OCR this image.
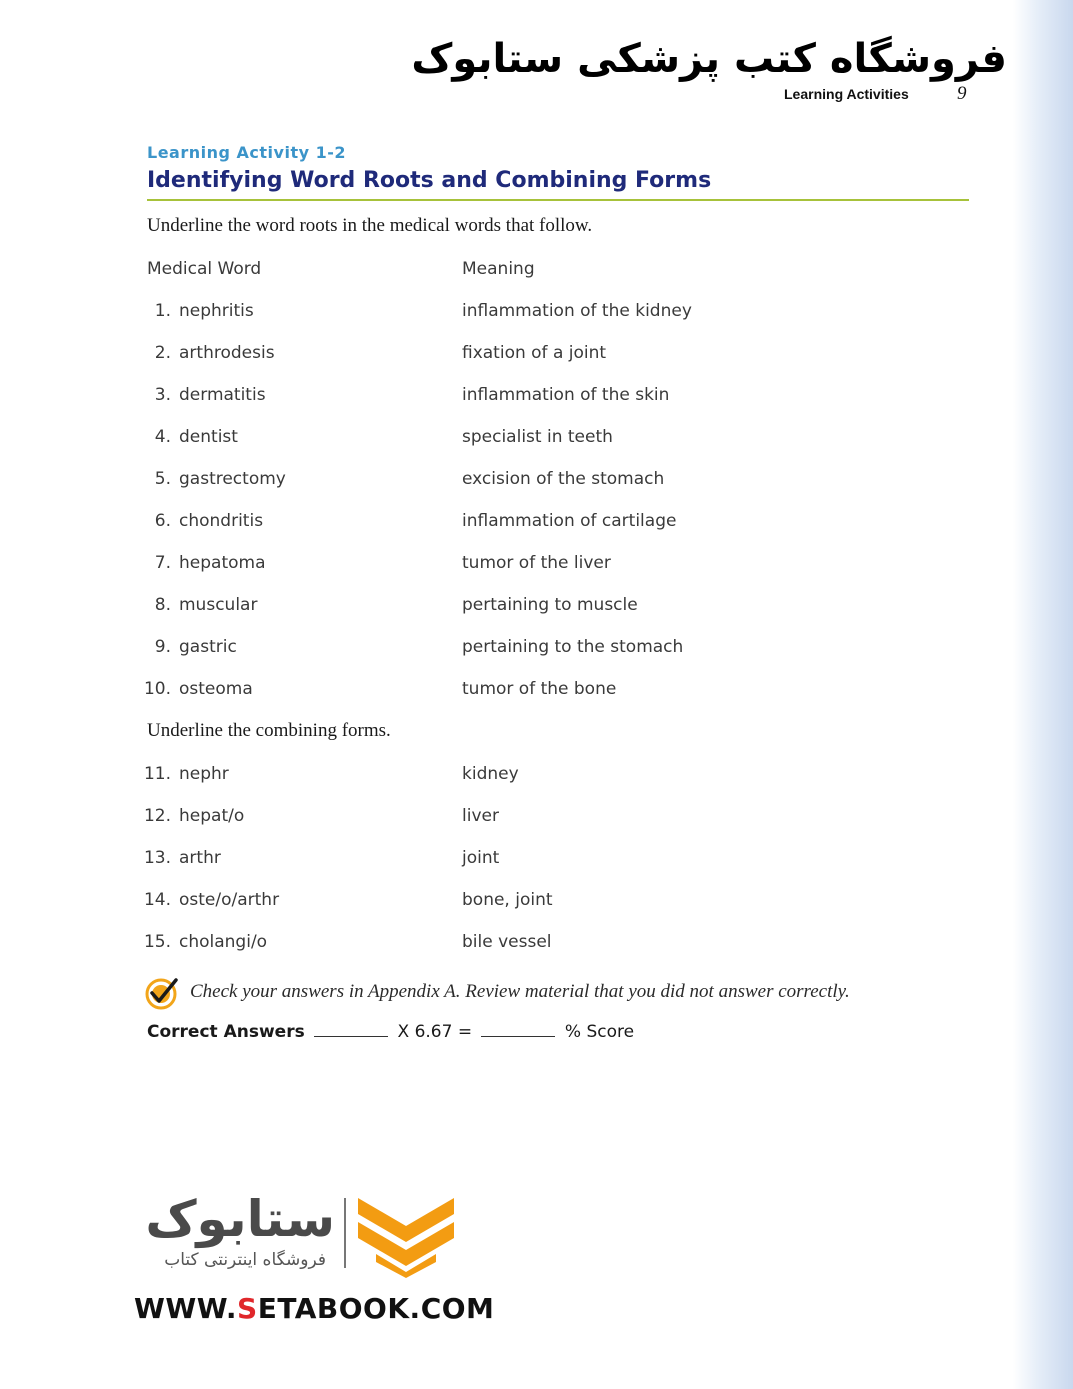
فروشگاه کتب پزشکی ستابوک
Learning Activities	9
Learning Activity 1-2
Identifying Word Roots and Combining Forms
Underline the word roots in the medical words that follow.
Medical Word	Meaning
1. nephritis	inflammation of the kidney
2. arthrodesis	fixation of a joint
3. dermatitis	inflammation of the skin
4. dentist	specialist in teeth
5. gastrectomy	excision of the stomach
6. chondritis	inflammation of cartilage
7. hepatoma	tumor of the liver
8. muscular	pertaining to muscle
9. gastric	pertaining to the stomach
10. osteoma	tumor of the bone
Underline the combining forms.
11. nephr	kidney
12. hepat/o	liver
13. arthr	joint
14. oste/o/arthr	bone, joint
15. cholangi/o	bile vessel
Check your answers in Appendix A. Review material that you did not answer correctly.
Correct Answers	X 6.67 =	% Score
ستابوک
فروشگاه اینترنتی کتاب
WWW.SETABOOK.COM
